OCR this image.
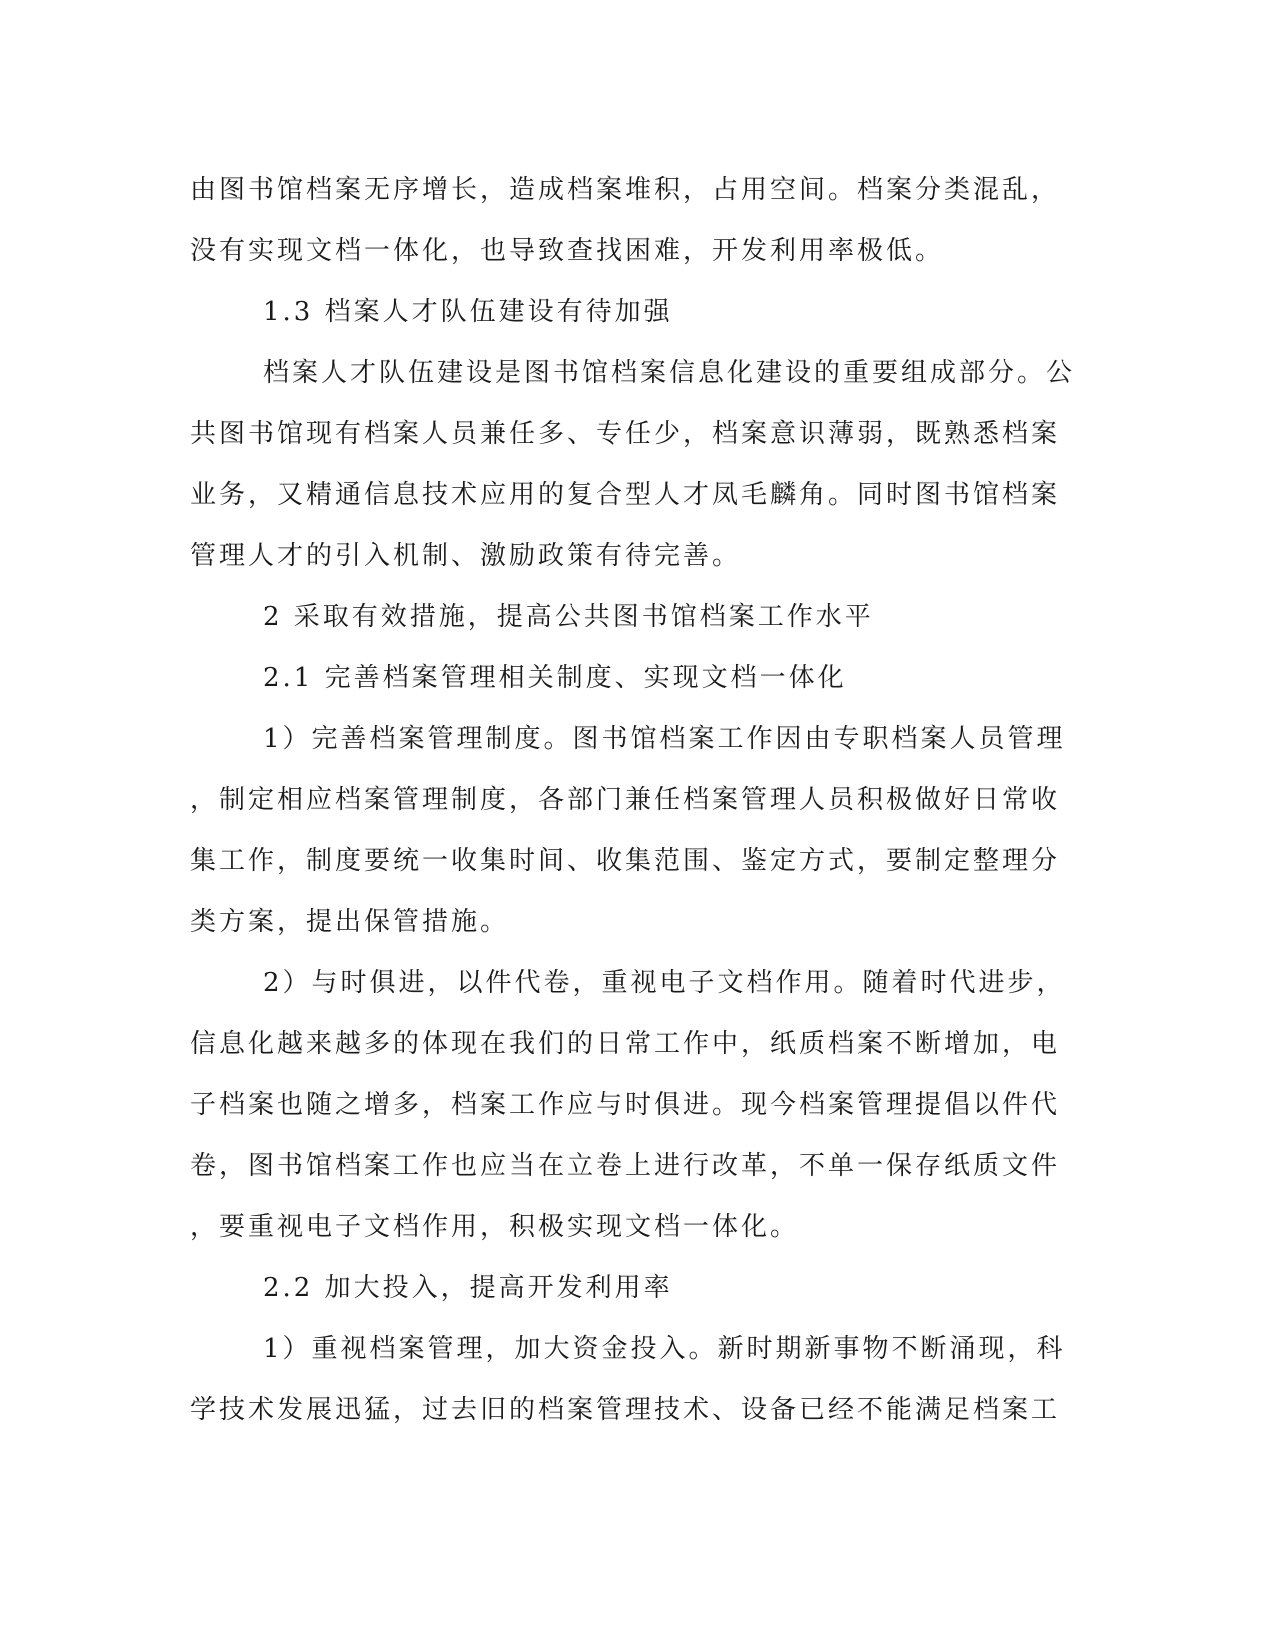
由图书馆档案无序增长，造成档案堆积，占用空间。档案分类混乱，
没有实现文档一体化，也导致查找困难，开发利用率极低。
1.3 档案人才队伍建设有待加强
档案人才队伍建设是图书馆档案信息化建设的重要组成部分。公
共图书馆现有档案人员兼任多、专任少，档案意识薄弱，既熟悉档案
业务，又精通信息技术应用的复合型人才凤毛麟角。同时图书馆档案
管理人才的引入机制、激励政策有待完善。
2 采取有效措施，提高公共图书馆档案工作水平
2.1 完善档案管理相关制度、实现文档一体化
1）完善档案管理制度。图书馆档案工作因由专职档案人员管理
，制定相应档案管理制度，各部门兼任档案管理人员积极做好日常收
集工作，制度要统一收集时间、收集范围、鉴定方式，要制定整理分
类方案，提出保管措施。
2）与时俱进，以件代卷，重视电子文档作用。随着时代进步，
信息化越来越多的体现在我们的日常工作中，纸质档案不断增加，电
子档案也随之增多，档案工作应与时俱进。现今档案管理提倡以件代
卷，图书馆档案工作也应当在立卷上进行改革，不单一保存纸质文件
，要重视电子文档作用，积极实现文档一体化。
2.2 加大投入，提高开发利用率
1）重视档案管理，加大资金投入。新时期新事物不断涌现，科
学技术发展迅猛，过去旧的档案管理技术、设备已经不能满足档案工
